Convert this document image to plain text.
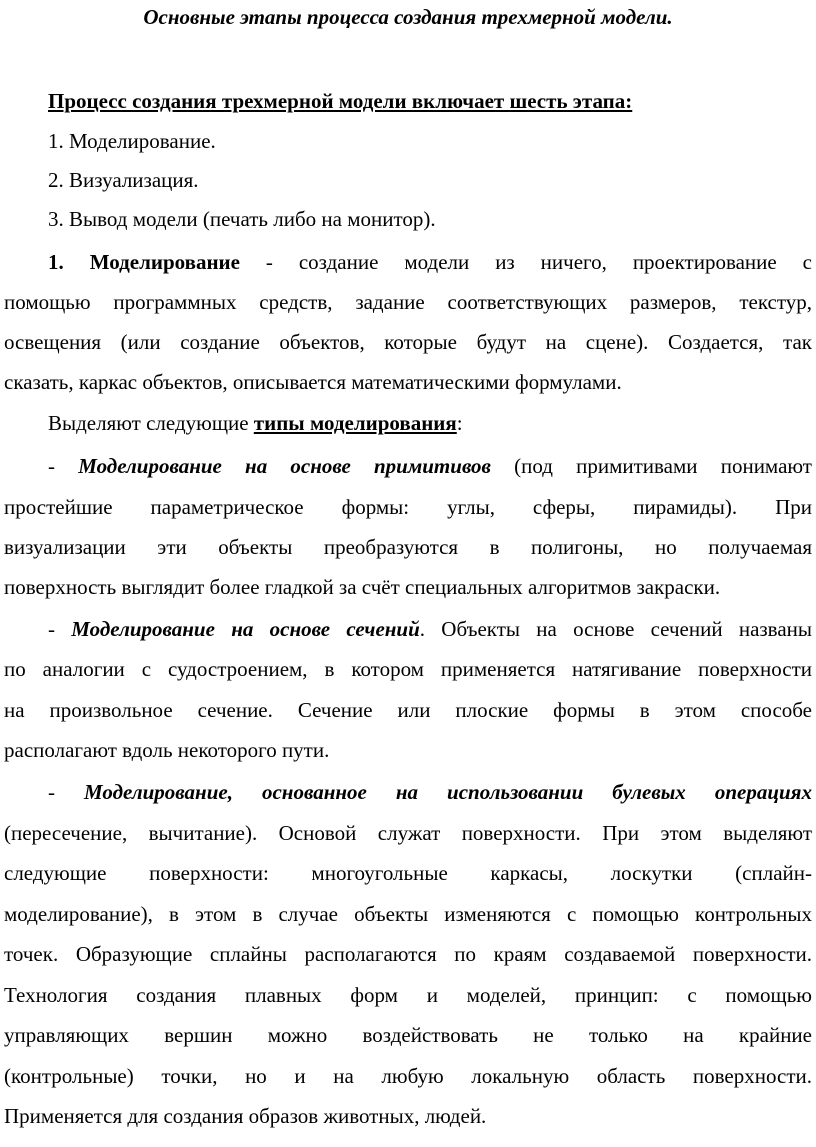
Основные этапы процесса создания трехмерной модели.
Процесс создания трехмерной модели включает шесть этапа:
1. Моделирование.
2. Визуализация.
3. Вывод модели (печать либо на монитор).
1. Моделирование - создание модели из ничего, проектирование с
помощью программных средств, задание соответствующих размеров, текстур,
освещения (или создание объектов, которые будут на сцене). Создается, так
сказать, каркас объектов, описывается математическими формулами.
Выделяют следующие типы моделирования:
- Моделирование на основе примитивов (под примитивами понимают
простейшие параметрическое формы: углы, сферы, пирамиды). При
визуализации эти объекты преобразуются в полигоны, но получаемая
поверхность выглядит более гладкой за счёт специальных алгоритмов закраски.
- Моделирование на основе сечений. Объекты на основе сечений названы
по аналогии с судостроением, в котором применяется натягивание поверхности
на произвольное сечение. Сечение или плоские формы в этом способе
располагают вдоль некоторого пути.
- Моделирование, основанное на использовании булевых операциях
(пересечение, вычитание). Основой служат поверхности. При этом выделяют
следующие поверхности: многоугольные каркасы, лоскутки (сплайн-
моделирование), в этом в случае объекты изменяются с помощью контрольных
точек. Образующие сплайны располагаются по краям создаваемой поверхности.
Технология создания плавных форм и моделей, принцип: с помощью
управляющих вершин можно воздействовать не только на крайние
(контрольные) точки, но и на любую локальную область поверхности.
Применяется для создания образов животных, людей.
